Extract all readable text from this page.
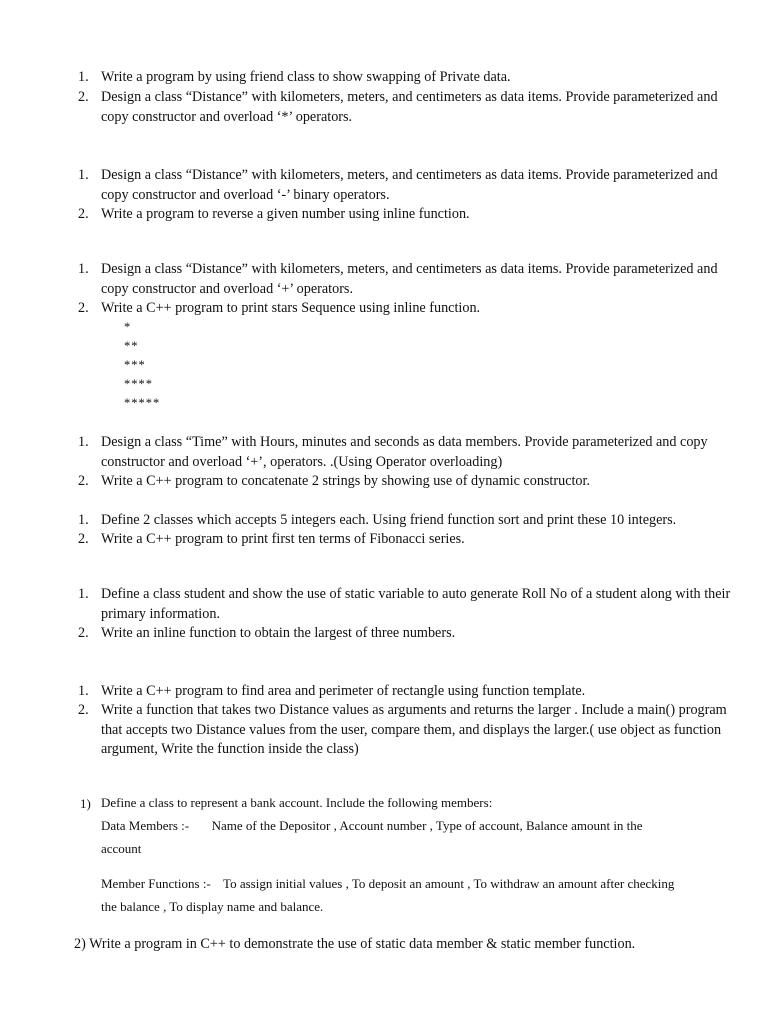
1. Write a program by using friend class to show swapping of Private data.
2. Design a class “Distance” with kilometers, meters, and centimeters as data items. Provide parameterized and copy constructor and overload ‘*’ operators.
1. Design a class “Distance” with kilometers, meters, and centimeters as data items. Provide parameterized and copy constructor and overload ‘-’ binary operators.
2. Write a program to reverse a given number using inline function.
1. Design a class “Distance” with kilometers, meters, and centimeters as data items. Provide parameterized and copy constructor and overload ‘+’ operators.
2. Write a C++ program to print stars Sequence using inline function.
*
**
***
****
*****
1. Design a class “Time” with Hours, minutes and seconds as data members. Provide parameterized and copy constructor and overload ‘+’, operators. .(Using Operator overloading)
2. Write a C++ program to concatenate 2 strings by showing use of dynamic constructor.
1. Define 2 classes which accepts 5 integers each. Using friend function sort and print these 10 integers.
2. Write a C++ program to print first ten terms of Fibonacci series.
1. Define a class student and show the use of static variable to auto generate Roll No of a student along with their primary information.
2. Write an inline function to obtain the largest of three numbers.
1. Write a C++ program to find area and perimeter of rectangle using function template.
2. Write a function that takes two Distance values as arguments and returns the larger . Include a main() program that accepts two Distance values from the user, compare them, and displays the larger.( use object as function argument, Write the function inside the class)
1) Define a class to represent a bank account. Include the following members:
Data Members :- Name of the Depositor , Account number , Type of account, Balance amount in the
account
Member Functions :- To assign initial values , To deposit an amount , To withdraw an amount after checking
the balance , To display name and balance.
2) Write a program in C++ to demonstrate the use of static data member & static member function.
